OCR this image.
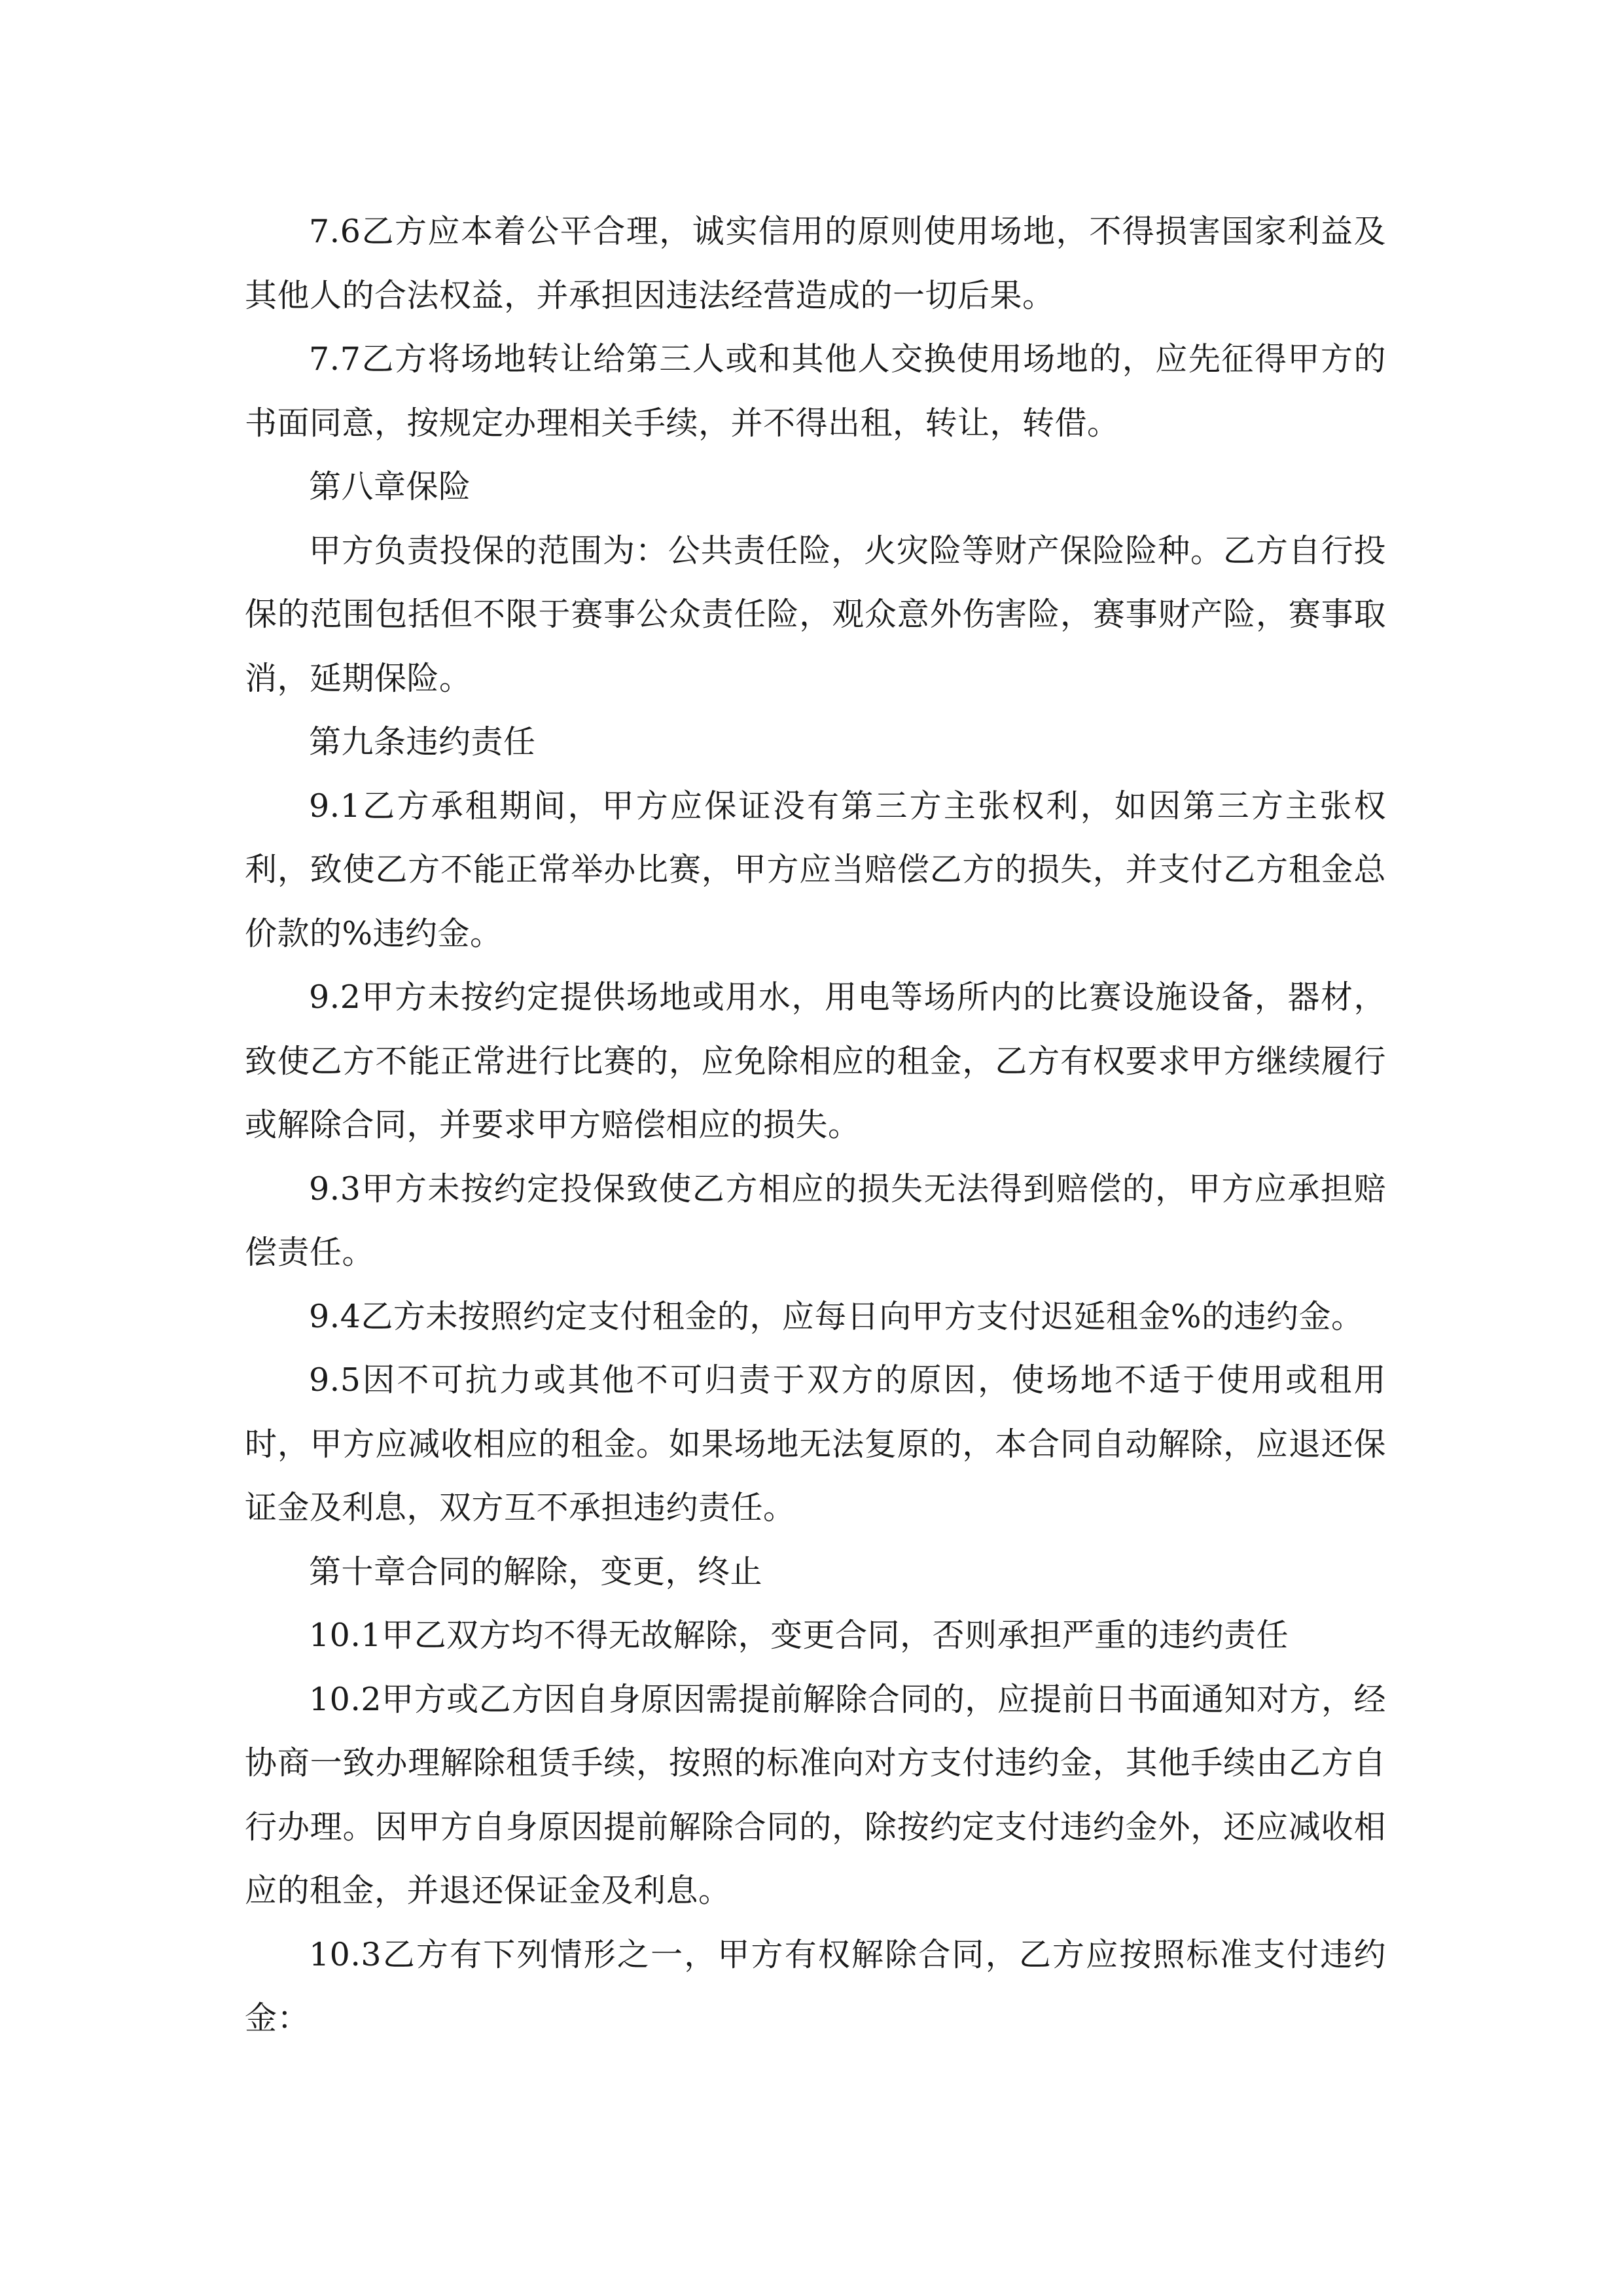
7.6乙方应本着公平合理，诚实信用的原则使用场地，不得损害国家利益及其他人的合法权益，并承担因违法经营造成的一切后果。

7.7乙方将场地转让给第三人或和其他人交换使用场地的，应先征得甲方的书面同意，按规定办理相关手续，并不得出租，转让，转借。

第八章保险

甲方负责投保的范围为：公共责任险，火灾险等财产保险险种。乙方自行投保的范围包括但不限于赛事公众责任险，观众意外伤害险，赛事财产险，赛事取消，延期保险。

第九条违约责任

9.1乙方承租期间，甲方应保证没有第三方主张权利，如因第三方主张权利，致使乙方不能正常举办比赛，甲方应当赔偿乙方的损失，并支付乙方租金总价款的%违约金。

9.2甲方未按约定提供场地或用水，用电等场所内的比赛设施设备，器材，致使乙方不能正常进行比赛的，应免除相应的租金，乙方有权要求甲方继续履行或解除合同，并要求甲方赔偿相应的损失。

9.3甲方未按约定投保致使乙方相应的损失无法得到赔偿的，甲方应承担赔偿责任。

9.4乙方未按照约定支付租金的，应每日向甲方支付迟延租金%的违约金。

9.5因不可抗力或其他不可归责于双方的原因，使场地不适于使用或租用时，甲方应减收相应的租金。如果场地无法复原的，本合同自动解除，应退还保证金及利息，双方互不承担违约责任。

第十章合同的解除，变更，终止

10.1甲乙双方均不得无故解除，变更合同，否则承担严重的违约责任

10.2甲方或乙方因自身原因需提前解除合同的，应提前日书面通知对方，经协商一致办理解除租赁手续，按照的标准向对方支付违约金，其他手续由乙方自行办理。因甲方自身原因提前解除合同的，除按约定支付违约金外，还应减收相应的租金，并退还保证金及利息。

10.3乙方有下列情形之一，甲方有权解除合同，乙方应按照标准支付违约金：
